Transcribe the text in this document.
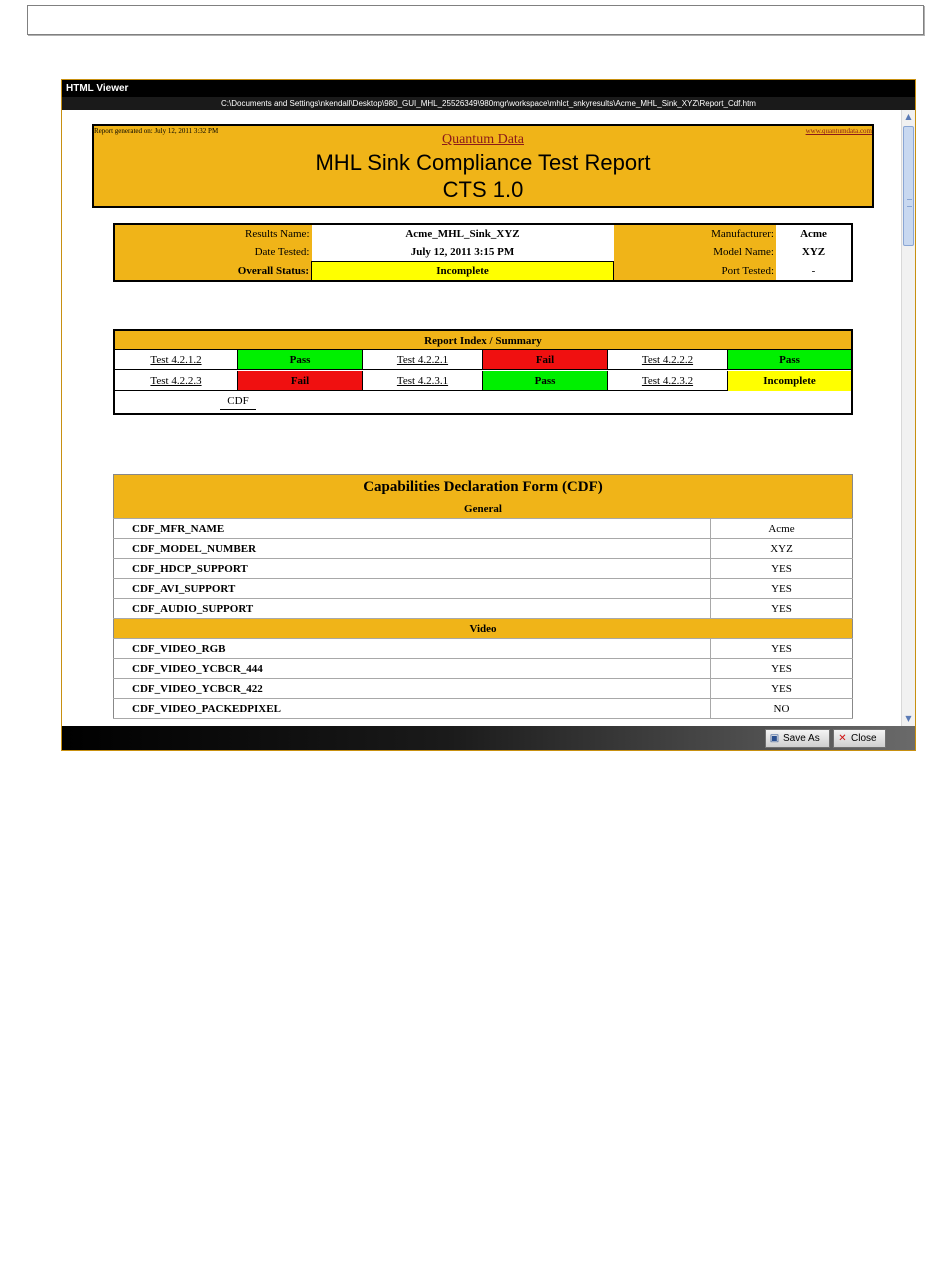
HTML Viewer
C:\Documents and Settings\nkendall\Desktop\980_GUI_MHL_25526349\980mgr\workspace\mhlct_snkyresults\Acme_MHL_Sink_XYZ\Report_Cdf.htm
Report generated on: July 12, 2011 3:32 PM	www.quantumdata.com
Quantum Data
MHL Sink Compliance Test Report
CTS 1.0
Results Name:	Acme_MHL_Sink_XYZ	Manufacturer:	Acme
Date Tested:	July 12, 2011 3:15 PM	Model Name:	XYZ
Overall Status:	Incomplete	Port Tested:	-
Report Index / Summary
Test 4.2.1.2	Pass	Test 4.2.2.1	Fail	Test 4.2.2.2	Pass
Test 4.2.2.3	Fail	Test 4.2.3.1	Pass	Test 4.2.3.2	Incomplete
CDF
Capabilities Declaration Form (CDF)	
General	
CDF_MFR_NAME	Acme
CDF_MODEL_NUMBER	XYZ
CDF_HDCP_SUPPORT	YES
CDF_AVI_SUPPORT	YES
CDF_AUDIO_SUPPORT	YES
Video	
CDF_VIDEO_RGB	YES
CDF_VIDEO_YCBCR_444	YES
CDF_VIDEO_YCBCR_422	YES
CDF_VIDEO_PACKEDPIXEL	NO
▲
▼
▣ Save As	✕ Close
